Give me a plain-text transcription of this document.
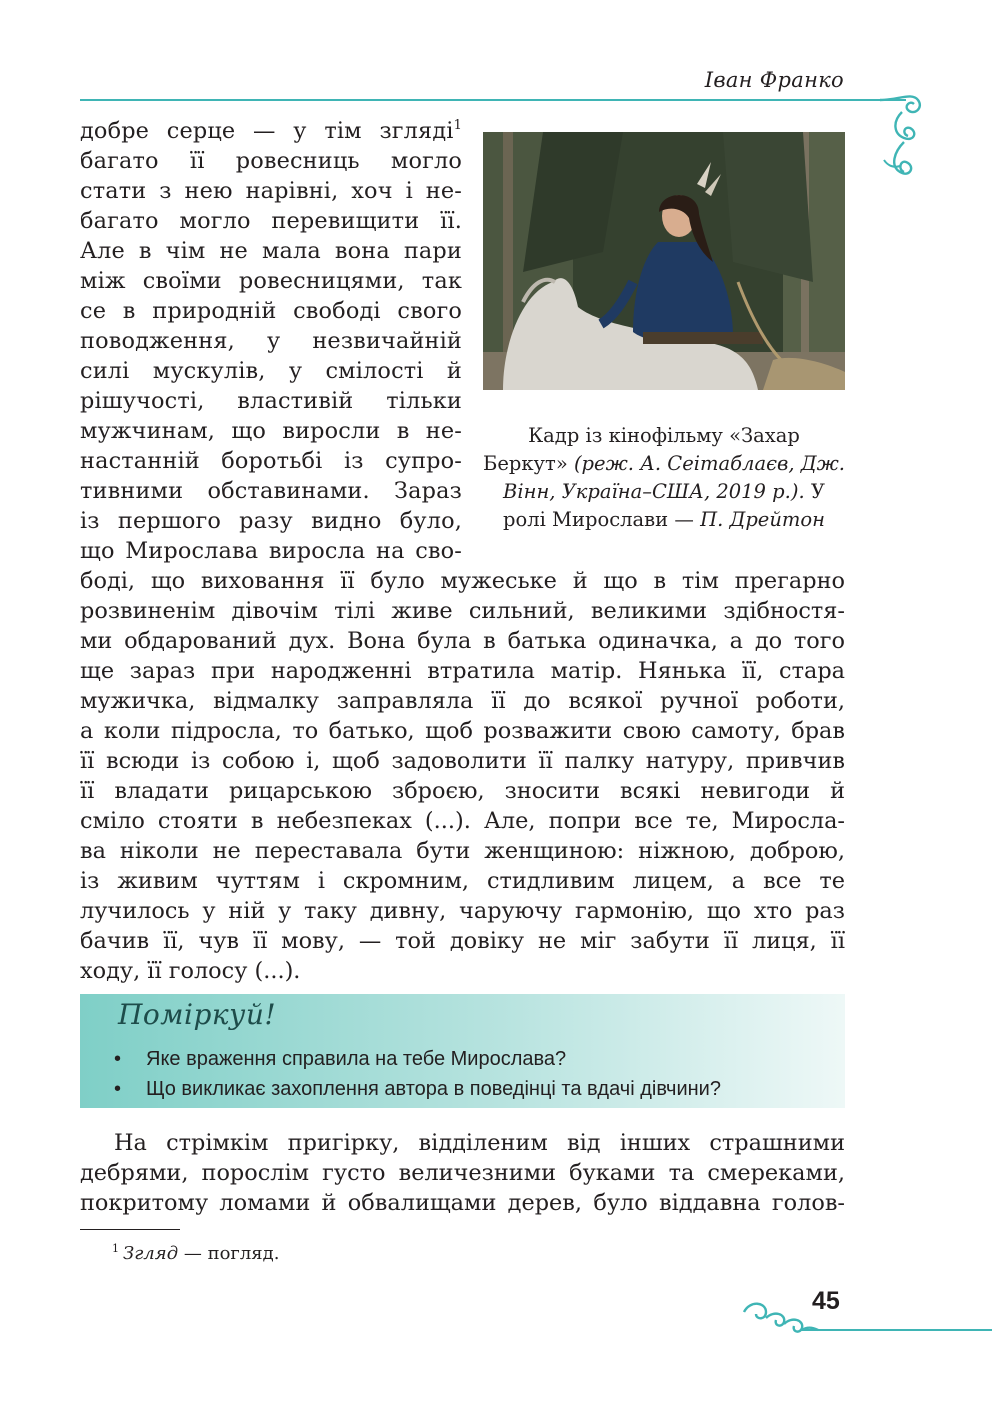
Іван Франко
добре серце — у тім згляді$^1$
багато її ровесниць могло
стати з нею нарівні, хоч і не-
багато могло перевищити її.
Але в чім не мала вона пари
між своїми ровесницями, так
се в природній свободі свого
поводження, у незвичайній
силі мускулів, у смілості й
рішучості, властивій тільки
мужчинам, що виросли в не-
настанній боротьбі із супро-
тивними обставинами. Зараз
із першого разу видно було,
що Мирослава виросла на сво-
Кадр із кінофільму «Захар Беркут» (реж. А. Сеітаблаєв, Дж. Вінн, Україна–США, 2019 р.). У ролі Мирослави — П. Дрейтон
боді, що виховання її було мужеське й що в тім прегарно
розвиненім дівочім тілі живе сильний, великими здібностя-
ми обдарований дух. Вона була в батька одиначка, а до того
ще зараз при народженні втратила матір. Нянька її, стара
мужичка, відмалку заправляла її до всякої ручної роботи,
а коли підросла, то батько, щоб розважити свою самоту, брав
її всюди із собою і, щоб задоволити її палку натуру, привчив
її владати рицарською зброєю, зносити всякі невигоди й
сміло стояти в небезпеках (...). Але, попри все те, Миросла-
ва ніколи не переставала бути женщиною: ніжною, доброю,
із живим чуттям і скромним, стидливим лицем, а все те
лучилось у ній у таку дивну, чаруючу гармонію, що хто раз
бачив її, чув її мову, — той довіку не міг забути її лиця, її
ходу, її голосу (...).
Поміркуй!
• Яке враження справила на тебе Мирослава?
• Що викликає захоплення автора в поведінці та вдачі дівчини?
На стрімкім пригірку, відділеним від інших страшними
дебрями, порослім густо величезними буками та смереками,
покритому ломами й обвалищами дерев, було віддавна голов-
$^1$ Згляд — погляд.
45
